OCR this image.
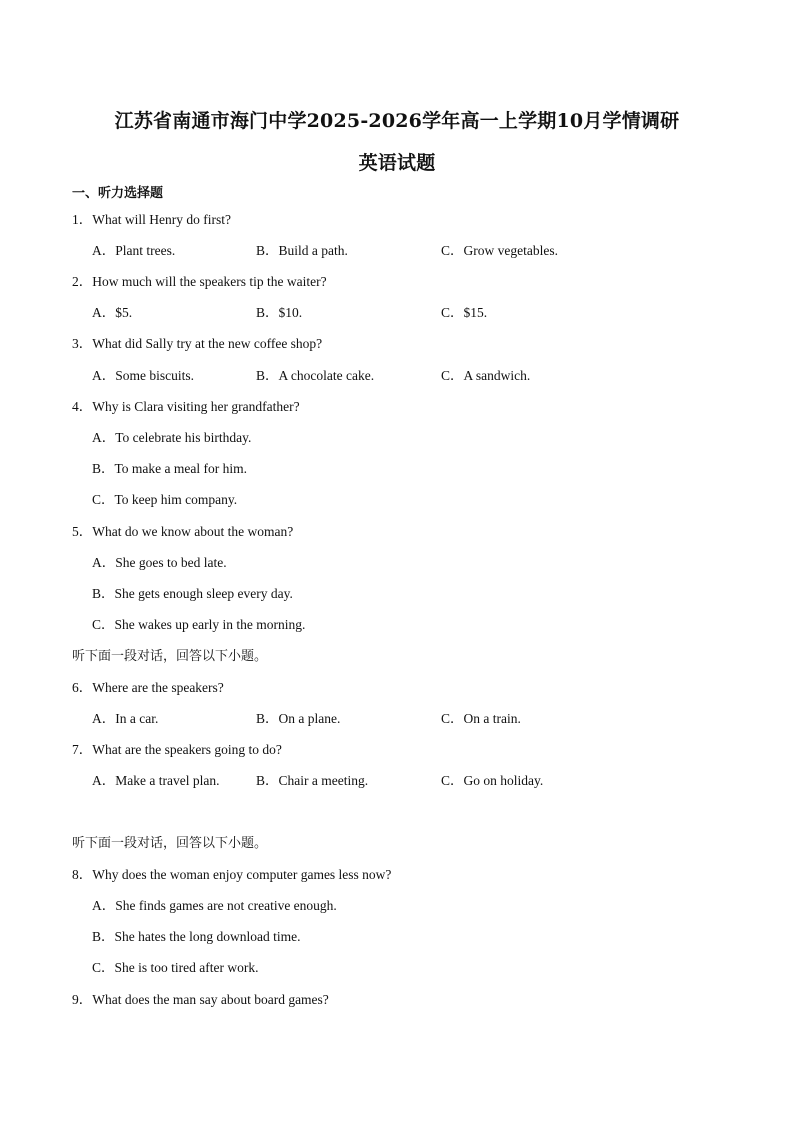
江苏省南通市海门中学2025-2026学年高一上学期10月学情调研
英语试题
一、听力选择题
1．What will Henry do first?
A．Plant trees.	B．Build a path.	C．Grow vegetables.
2．How much will the speakers tip the waiter?
A．$5.	B．$10.	C．$15.
3．What did Sally try at the new coffee shop?
A．Some biscuits.	B．A chocolate cake.	C．A sandwich.
4．Why is Clara visiting her grandfather?
A．To celebrate his birthday.
B．To make a meal for him.
C．To keep him company.
5．What do we know about the woman?
A．She goes to bed late.
B．She gets enough sleep every day.
C．She wakes up early in the morning.
听下面一段对话，回答以下小题。
6．Where are the speakers?
A．In a car.	B．On a plane.	C．On a train.
7．What are the speakers going to do?
A．Make a travel plan.	B．Chair a meeting.	C．Go on holiday.
听下面一段对话，回答以下小题。
8．Why does the woman enjoy computer games less now?
A．She finds games are not creative enough.
B．She hates the long download time.
C．She is too tired after work.
9．What does the man say about board games?
